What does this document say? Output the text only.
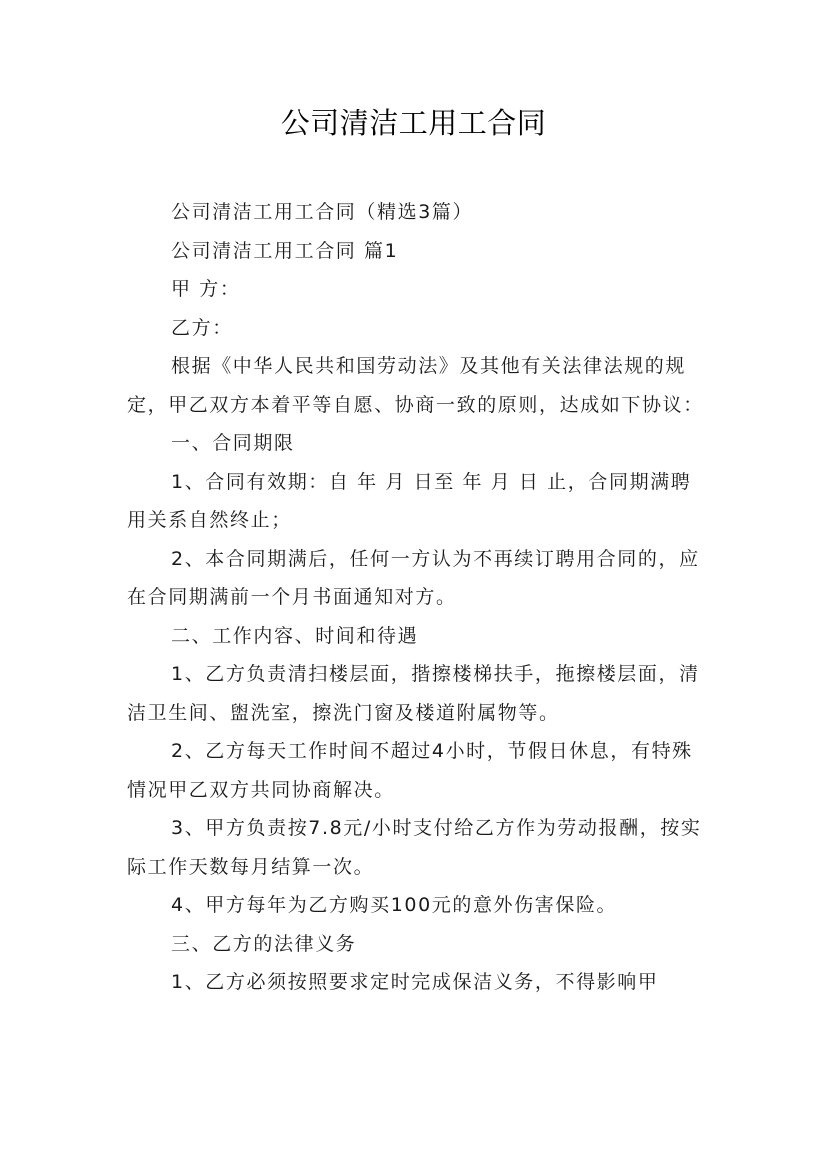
公司清洁工用工合同

公司清洁工用工合同（精选3篇）

公司清洁工用工合同 篇1

甲 方：

乙方：

根据《中华人民共和国劳动法》及其他有关法律法规的规定，甲乙双方本着平等自愿、协商一致的原则，达成如下协议：

一、合同期限

1、合同有效期：自 年 月 日至 年 月 日 止，合同期满聘用关系自然终止；

2、本合同期满后，任何一方认为不再续订聘用合同的，应在合同期满前一个月书面通知对方。

二、工作内容、时间和待遇

1、乙方负责清扫楼层面，揩擦楼梯扶手，拖擦楼层面，清洁卫生间、盥洗室，擦洗门窗及楼道附属物等。

2、乙方每天工作时间不超过4小时，节假日休息，有特殊情况甲乙双方共同协商解决。

3、甲方负责按7.8元/小时支付给乙方作为劳动报酬，按实际工作天数每月结算一次。

4、甲方每年为乙方购买100元的意外伤害保险。

三、乙方的法律义务

1、乙方必须按照要求定时完成保洁义务，不得影响甲
